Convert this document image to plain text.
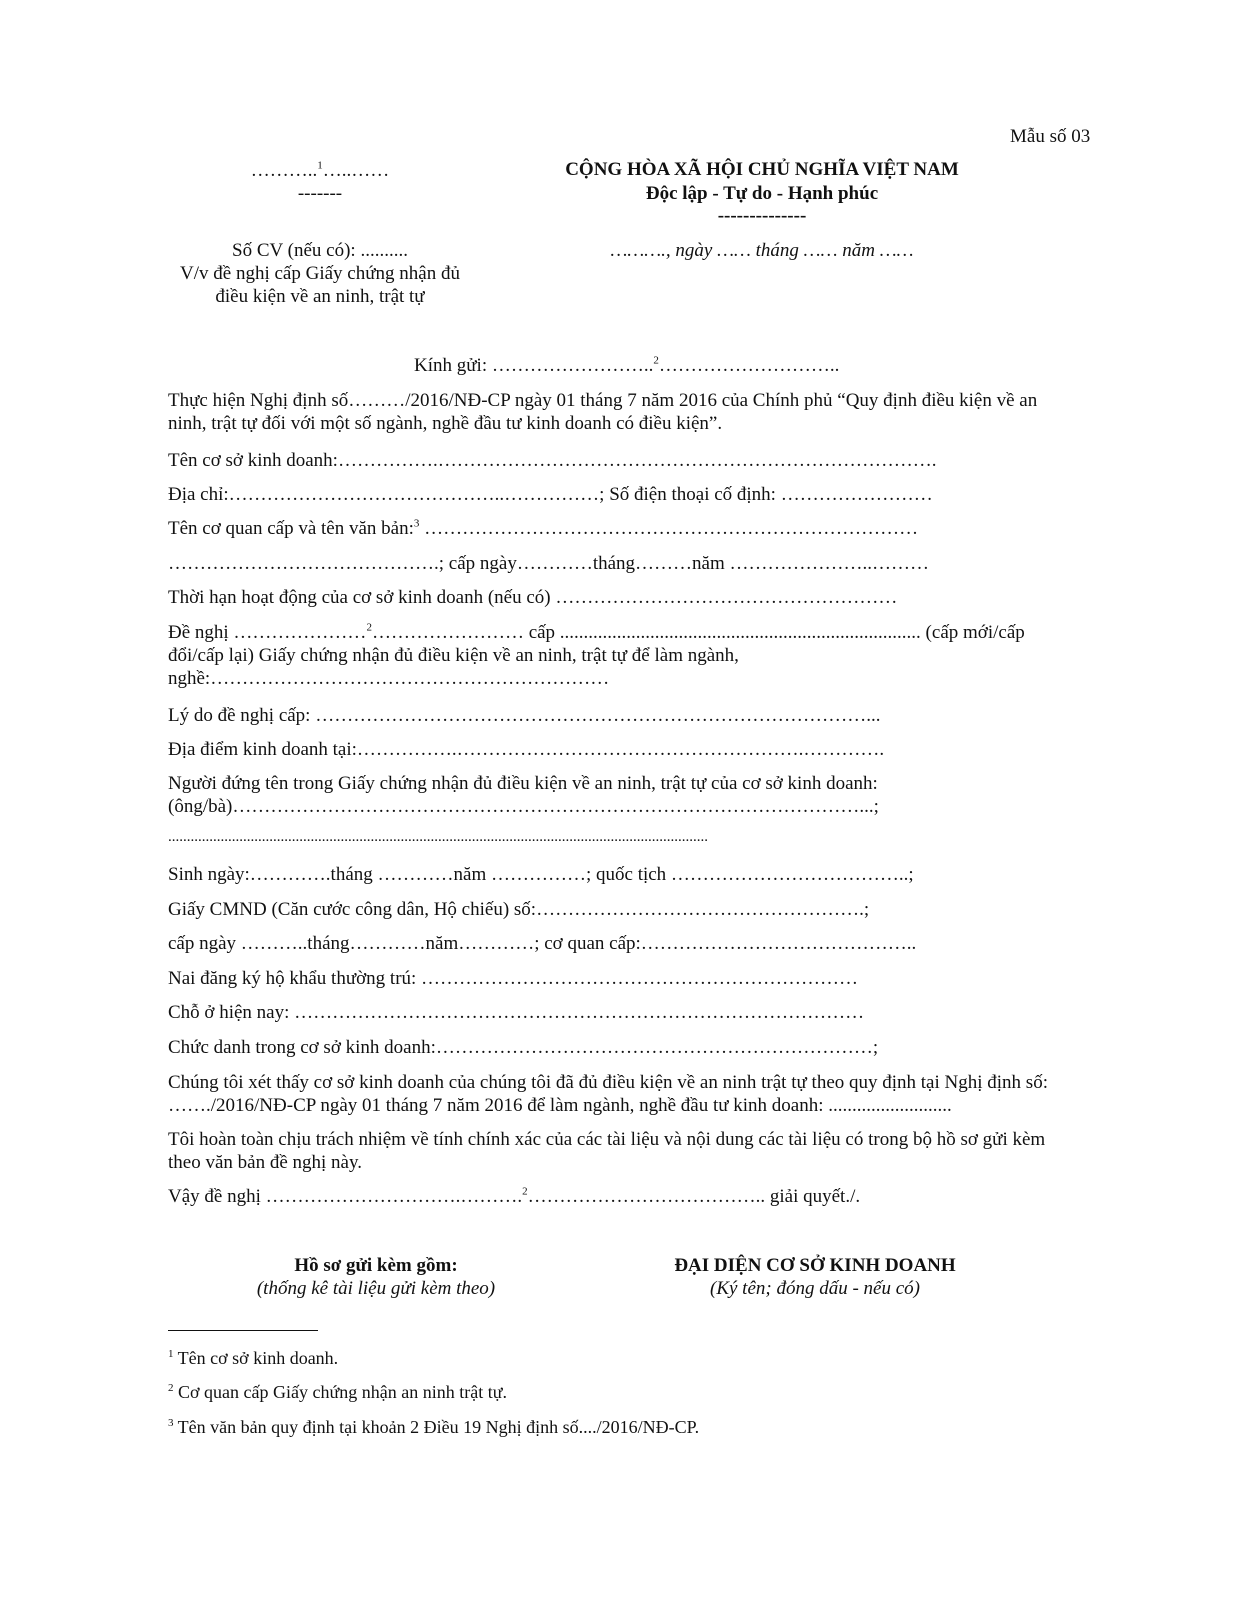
Mẫu số 03
………..$^1$…..……
-------
Số CV (nếu có): ..........
V/v đề nghị cấp Giấy chứng nhận đủ
điều kiện về an ninh, trật tự
CỘNG HÒA XÃ HỘI CHỦ NGHĨA VIỆT NAM
Độc lập - Tự do - Hạnh phúc
--------------
………., ngày …… tháng …… năm ……
Kính gửi: ……………………..$^2$………………………..
Thực hiện Nghị định số………/2016/NĐ-CP ngày 01 tháng 7 năm 2016 của Chính phủ “Quy định điều kiện về an
ninh, trật tự đối với một số ngành, nghề đầu tư kinh doanh có điều kiện”.
Tên cơ sở kinh doanh:…………….…………………………………………………………………….
Địa chỉ:……………………………………..……………; Số điện thoại cố định: ……………………
Tên cơ quan cấp và tên văn bản:$^3$ ……………………………………………………………………
…………………………………….; cấp ngày…………tháng………năm …………………..………
Thời hạn hoạt động của cơ sở kinh doanh (nếu có) ………………………………………………
Đề nghị …………………$^2$…………………… cấp ............................................................................ (cấp mới/cấp
đổi/cấp lại) Giấy chứng nhận đủ điều kiện về an ninh, trật tự để làm ngành,
nghề:………………………………………………………
Lý do đề nghị cấp: ……………………………………………………………………………...
Địa điểm kinh doanh tại:…………….……………………………………………….………….
Người đứng tên trong Giấy chứng nhận đủ điều kiện về an ninh, trật tự của cơ sở kinh doanh:
(ông/bà)………………………………………………………………………………………...;
................................................................................................................................................
Sinh ngày:………….tháng …………năm ……………; quốc tịch ………………………………..;
Giấy CMND (Căn cước công dân, Hộ chiếu) số:…………………………………………….;
cấp ngày ………..tháng…………năm…………; cơ quan cấp:……………………………………..
Nai đăng ký hộ khẩu thường trú: ……………………………………………………………
Chỗ ở hiện nay: ………………………………………………………………………………
Chức danh trong cơ sở kinh doanh:……………………………………………………………;
Chúng tôi xét thấy cơ sở kinh doanh của chúng tôi đã đủ điều kiện về an ninh trật tự theo quy định tại Nghị định số:
……./2016/NĐ-CP ngày 01 tháng 7 năm 2016 để làm ngành, nghề đầu tư kinh doanh: ..........................
Tôi hoàn toàn chịu trách nhiệm về tính chính xác của các tài liệu và nội dung các tài liệu có trong bộ hồ sơ gửi kèm
theo văn bản đề nghị này.
Vậy đề nghị ………………………….……….$^2$……………………………….. giải quyết./.
Hồ sơ gửi kèm gồm:
(thống kê tài liệu gửi kèm theo)
ĐẠI DIỆN CƠ SỞ KINH DOANH
(Ký tên; đóng dấu - nếu có)
$^1$ Tên cơ sở kinh doanh.
$^2$ Cơ quan cấp Giấy chứng nhận an ninh trật tự.
$^3$ Tên văn bản quy định tại khoản 2 Điều 19 Nghị định số..../2016/NĐ-CP.
